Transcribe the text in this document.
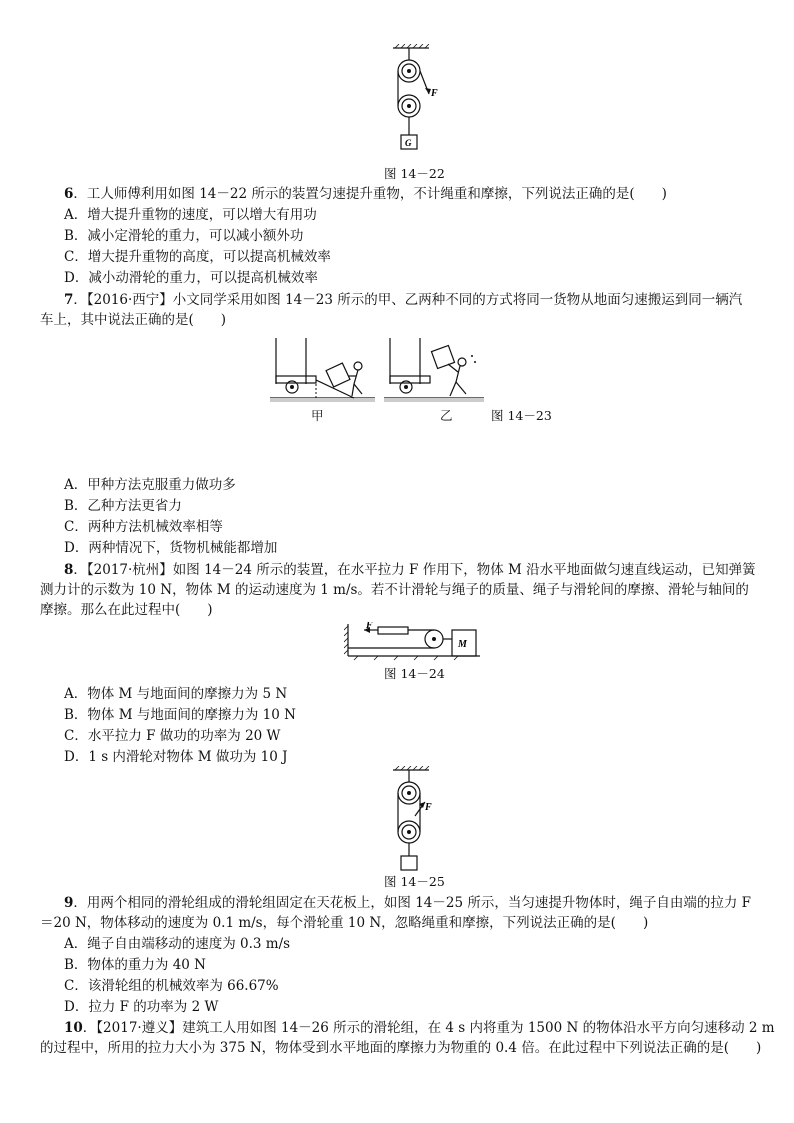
F
G
图 14－22
6．工人师傅利用如图 14－22 所示的装置匀速提升重物，不计绳重和摩擦，下列说法正确的是(　　)
A．增大提升重物的速度，可以增大有用功
B．减小定滑轮的重力，可以减小额外功
C．增大提升重物的高度，可以提高机械效率
D．减小动滑轮的重力，可以提高机械效率
7．【2016·西宁】小文同学采用如图 14－23 所示的甲、乙两种不同的方式将同一货物从地面匀速搬运到同一辆汽
车上，其中说法正确的是(　　)
甲	乙	图 14－23
A．甲种方法克服重力做功多
B．乙种方法更省力
C．两种方法机械效率相等
D．两种情况下，货物机械能都增加
8．【2017·杭州】如图 14－24 所示的装置，在水平拉力 F 作用下，物体 M 沿水平地面做匀速直线运动，已知弹簧
测力计的示数为 10 N，物体 M 的运动速度为 1 m/s。若不计滑轮与绳子的质量、绳子与滑轮间的摩擦、滑轮与轴间的
摩擦。那么在此过程中(　　)
F
M
图 14－24
A．物体 M 与地面间的摩擦力为 5 N
B．物体 M 与地面间的摩擦力为 10 N
C．水平拉力 F 做功的功率为 20 W
D．1 s 内滑轮对物体 M 做功为 10 J
F
图 14－25
9．用两个相同的滑轮组成的滑轮组固定在天花板上，如图 14－25 所示，当匀速提升物体时，绳子自由端的拉力 F
＝20 N，物体移动的速度为 0.1 m/s，每个滑轮重 10 N，忽略绳重和摩擦，下列说法正确的是(　　)
A．绳子自由端移动的速度为 0.3 m/s
B．物体的重力为 40 N
C．该滑轮组的机械效率为 66.67%
D．拉力 F 的功率为 2 W
10．【2017·遵义】建筑工人用如图 14－26 所示的滑轮组，在 4 s 内将重为 1500 N 的物体沿水平方向匀速移动 2 m
的过程中，所用的拉力大小为 375 N，物体受到水平地面的摩擦力为物重的 0.4 倍。在此过程中下列说法正确的是(　　)
